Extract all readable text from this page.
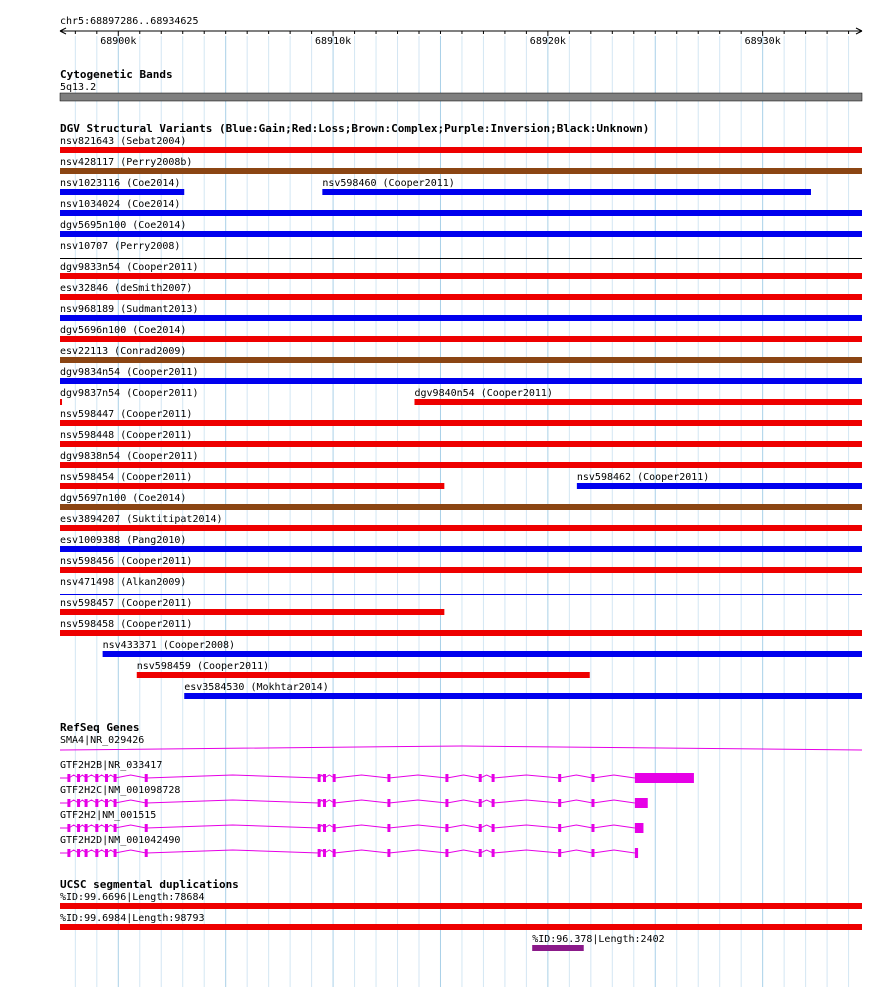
chr5:68897286..68934625
68900k	68910k	68920k	68930k
Cytogenetic Bands
5q13.2
DGV Structural Variants (Blue:Gain;Red:Loss;Brown:Complex;Purple:Inversion;Black:Unknown)
nsv821643 (Sebat2004)
nsv428117 (Perry2008b)
nsv1023116 (Coe2014)	nsv598460 (Cooper2011)
nsv1034024 (Coe2014)
dgv5695n100 (Coe2014)
nsv10707 (Perry2008)
dgv9833n54 (Cooper2011)
esv32846 (deSmith2007)
nsv968189 (Sudmant2013)
dgv5696n100 (Coe2014)
esv22113 (Conrad2009)
dgv9834n54 (Cooper2011)
dgv9837n54 (Cooper2011)	dgv9840n54 (Cooper2011)
nsv598447 (Cooper2011)
nsv598448 (Cooper2011)
dgv9838n54 (Cooper2011)
nsv598454 (Cooper2011)	nsv598462 (Cooper2011)
dgv5697n100 (Coe2014)
esv3894207 (Suktitipat2014)
esv1009388 (Pang2010)
nsv598456 (Cooper2011)
nsv471498 (Alkan2009)
nsv598457 (Cooper2011)
nsv598458 (Cooper2011)
nsv433371 (Cooper2008)
nsv598459 (Cooper2011)
esv3584530 (Mokhtar2014)
RefSeq Genes
SMA4|NR_029426
GTF2H2B|NR_033417
GTF2H2C|NM_001098728
GTF2H2|NM_001515
GTF2H2D|NM_001042490
UCSC segmental duplications
%ID:99.6696|Length:78684
%ID:99.6984|Length:98793
%ID:96.378|Length:2402
